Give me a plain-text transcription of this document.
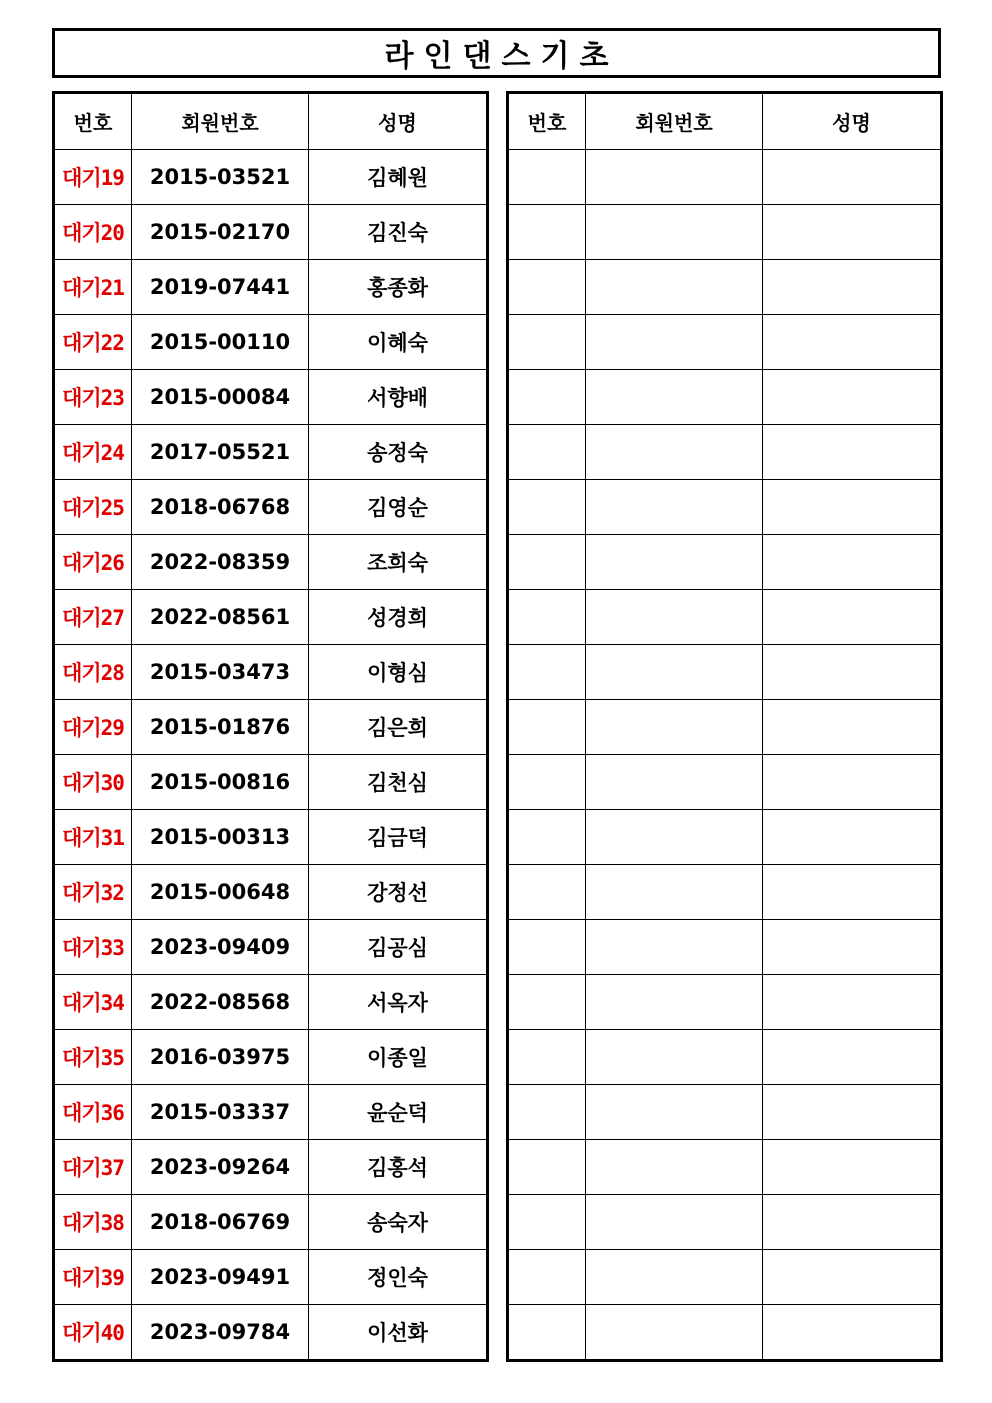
라인댄스기초
번호	회원번호	성명
대기19	2015-03521	김혜원
대기20	2015-02170	김진숙
대기21	2019-07441	홍종화
대기22	2015-00110	이혜숙
대기23	2015-00084	서향배
대기24	2017-05521	송정숙
대기25	2018-06768	김영순
대기26	2022-08359	조희숙
대기27	2022-08561	성경희
대기28	2015-03473	이형심
대기29	2015-01876	김은희
대기30	2015-00816	김천심
대기31	2015-00313	김금덕
대기32	2015-00648	강정선
대기33	2023-09409	김공심
대기34	2022-08568	서옥자
대기35	2016-03975	이종일
대기36	2015-03337	윤순덕
대기37	2023-09264	김홍석
대기38	2018-06769	송숙자
대기39	2023-09491	정인숙
대기40	2023-09784	이선화
번호	회원번호	성명
